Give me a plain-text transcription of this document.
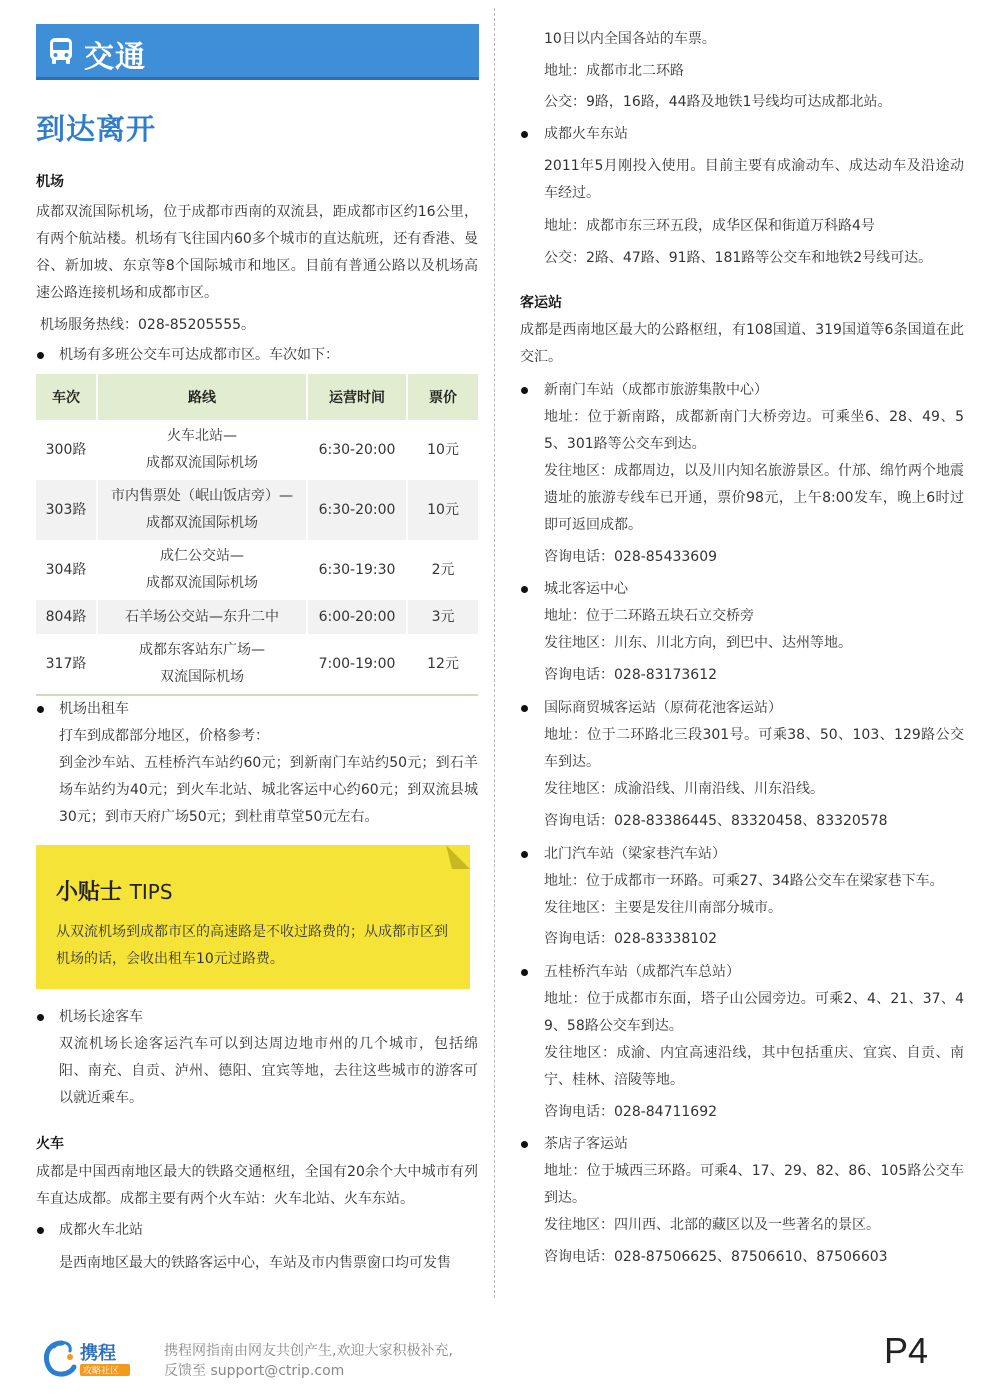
交通
到达离开
机场
成都双流国际机场，位于成都市西南的双流县，距成都市区约16公里，有两个航站楼。机场有飞往国内60多个城市的直达航班，还有香港、曼谷、新加坡、东京等8个国际城市和地区。目前有普通公路以及机场高速公路连接机场和成都市区。
机场服务热线：028-85205555。
机场有多班公交车可达成都市区。车次如下：
车次	路线	运营时间	票价
300路	火车北站—
成都双流国际机场	6:30-20:00	10元
303路	市内售票处（岷山饭店旁）—
成都双流国际机场	6:30-20:00	10元
304路	成仁公交站—
成都双流国际机场	6:30-19:30	2元
804路	石羊场公交站—东升二中	6:00-20:00	3元
317路	成都东客站东广场—
双流国际机场	7:00-19:00	12元
机场出租车
打车到成都部分地区，价格参考：
到金沙车站、五桂桥汽车站约60元；到新南门车站约50元；到石羊场车站约为40元；到火车北站、城北客运中心约60元；到双流县城30元；到市天府广场50元；到杜甫草堂50元左右。
小贴士 TIPS
从双流机场到成都市区的高速路是不收过路费的；从成都市区到机场的话，会收出租车10元过路费。
机场长途客车
双流机场长途客运汽车可以到达周边地市州的几个城市，包括绵阳、南充、自贡、泸州、德阳、宜宾等地，去往这些城市的游客可以就近乘车。
火车
成都是中国西南地区最大的铁路交通枢纽，全国有20余个大中城市有列车直达成都。成都主要有两个火车站：火车北站、火车东站。
成都火车北站
是西南地区最大的铁路客运中心，车站及市内售票窗口均可发售
10日以内全国各站的车票。
地址：成都市北二环路
公交：9路，16路，44路及地铁1号线均可达成都北站。
成都火车东站
2011年5月刚投入使用。目前主要有成渝动车、成达动车及沿途动车经过。
地址：成都市东三环五段，成华区保和街道万科路4号
公交：2路、47路、91路、181路等公交车和地铁2号线可达。
客运站
成都是西南地区最大的公路枢纽，有108国道、319国道等6条国道在此交汇。
新南门车站（成都市旅游集散中心）
地址：位于新南路，成都新南门大桥旁边。可乘坐6、28、49、55、301路等公交车到达。
发往地区：成都周边，以及川内知名旅游景区。什邡、绵竹两个地震遗址的旅游专线车已开通，票价98元，上午8:00发车，晚上6时过即可返回成都。
咨询电话：028-85433609
城北客运中心
地址：位于二环路五块石立交桥旁
发往地区：川东、川北方向，到巴中、达州等地。
咨询电话：028-83173612
国际商贸城客运站（原荷花池客运站）
地址：位于二环路北三段301号。可乘38、50、103、129路公交车到达。
发往地区：成渝沿线、川南沿线、川东沿线。
咨询电话：028-83386445、83320458、83320578
北门汽车站（梁家巷汽车站）
地址：位于成都市一环路。可乘27、34路公交车在梁家巷下车。
发往地区：主要是发往川南部分城市。
咨询电话：028-83338102
五桂桥汽车站（成都汽车总站）
地址：位于成都市东面，塔子山公园旁边。可乘2、4、21、37、49、58路公交车到达。
发往地区：成渝、内宜高速沿线，其中包括重庆、宜宾、自贡、南宁、桂林、涪陵等地。
咨询电话：028-84711692
茶店子客运站
地址：位于城西三环路。可乘4、17、29、82、86、105路公交车到达。
发往地区：四川西、北部的藏区以及一些著名的景区。
咨询电话：028-87506625、87506610、87506603
携程
攻略社区
携程网指南由网友共创产生,欢迎大家积极补充,
反馈至 support@ctrip.com	P4
